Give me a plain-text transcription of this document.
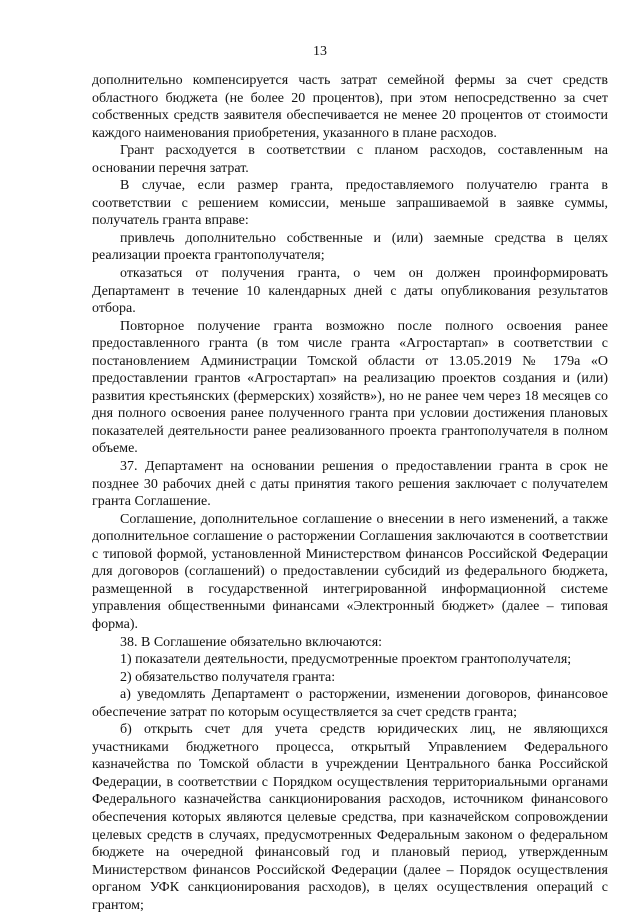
13

дополнительно компенсируется часть затрат семейной фермы за счет средств областного бюджета (не более 20 процентов), при этом непосредственно за счет собственных средств заявителя обеспечивается не менее 20 процентов от стоимости каждого наименования приобретения, указанного в плане расходов.

Грант расходуется в соответствии с планом расходов, составленным на основании перечня затрат.

В случае, если размер гранта, предоставляемого получателю гранта в соответствии с решением комиссии, меньше запрашиваемой в заявке суммы, получатель гранта вправе:

привлечь дополнительно собственные и (или) заемные средства в целях реализации проекта грантополучателя;

отказаться от получения гранта, о чем он должен проинформировать Департамент в течение 10 календарных дней с даты опубликования результатов отбора.

Повторное получение гранта возможно после полного освоения ранее предоставленного гранта (в том числе гранта «Агростартап» в соответствии с постановлением Администрации Томской области от 13.05.2019 № 179а «О предоставлении грантов «Агростартап» на реализацию проектов создания и (или) развития крестьянских (фермерских) хозяйств»), но не ранее чем через 18 месяцев со дня полного освоения ранее полученного гранта при условии достижения плановых показателей деятельности ранее реализованного проекта грантополучателя в полном объеме.

37. Департамент на основании решения о предоставлении гранта в срок не позднее 30 рабочих дней с даты принятия такого решения заключает с получателем гранта Соглашение.

Соглашение, дополнительное соглашение о внесении в него изменений, а также дополнительное соглашение о расторжении Соглашения заключаются в соответствии с типовой формой, установленной Министерством финансов Российской Федерации для договоров (соглашений) о предоставлении субсидий из федерального бюджета, размещенной в государственной интегрированной информационной системе управления общественными финансами «Электронный бюджет» (далее – типовая форма).

38. В Соглашение обязательно включаются:

1) показатели деятельности, предусмотренные проектом грантополучателя;

2) обязательство получателя гранта:

а) уведомлять Департамент о расторжении, изменении договоров, финансовое обеспечение затрат по которым осуществляется за счет средств гранта;

б) открыть счет для учета средств юридических лиц, не являющихся участниками бюджетного процесса, открытый Управлением Федерального казначейства по Томской области в учреждении Центрального банка Российской Федерации, в соответствии с Порядком осуществления территориальными органами Федерального казначейства санкционирования расходов, источником финансового обеспечения которых являются целевые средства, при казначейском сопровождении целевых средств в случаях, предусмотренных Федеральным законом о федеральном бюджете на очередной финансовый год и плановый период, утвержденным Министерством финансов Российской Федерации (далее – Порядок осуществления органом УФК санкционирования расходов), в целях осуществления операций с грантом;
